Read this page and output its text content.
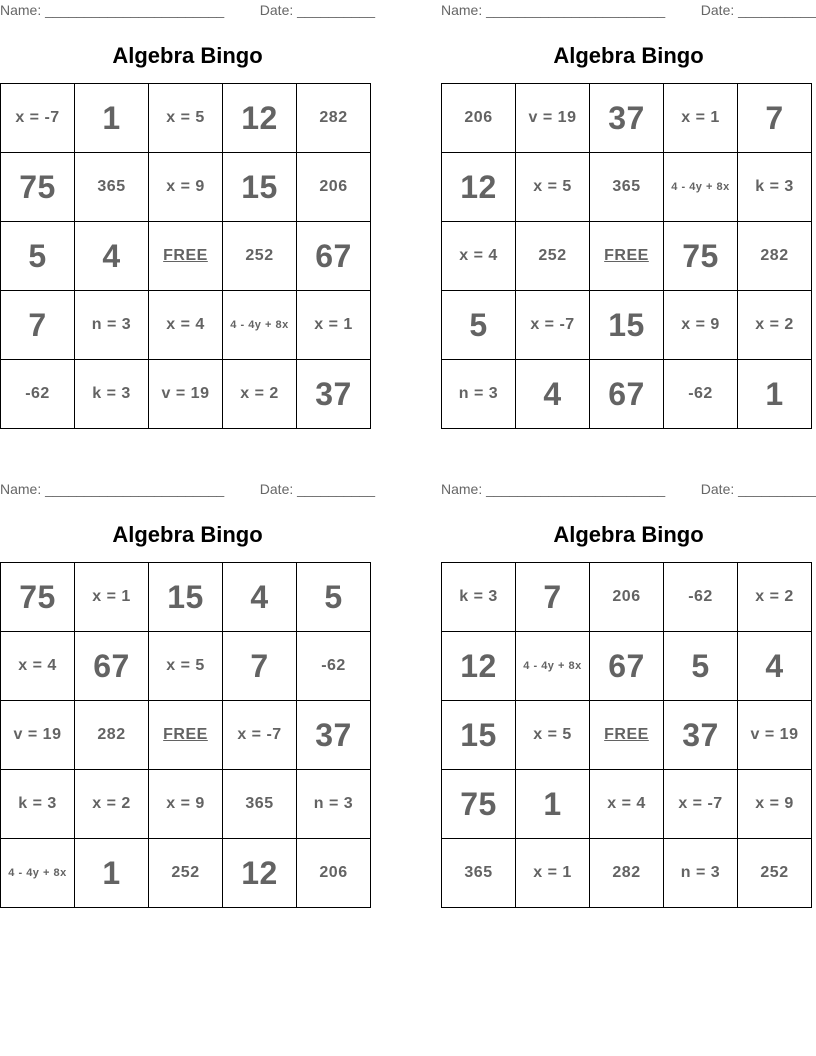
Name: _______________________	Date: __________
Algebra Bingo
x = -7	1	x = 5	12	282
75	365	x = 9	15	206
5	4	FREE	252	67
7	n = 3	x = 4	4 - 4y + 8x	x = 1
-62	k = 3	v = 19	x = 2	37
Name: _______________________	Date: __________
Algebra Bingo
206	v = 19	37	x = 1	7
12	x = 5	365	4 - 4y + 8x	k = 3
x = 4	252	FREE	75	282
5	x = -7	15	x = 9	x = 2
n = 3	4	67	-62	1
Name: _______________________	Date: __________
Algebra Bingo
75	x = 1	15	4	5
x = 4	67	x = 5	7	-62
v = 19	282	FREE	x = -7	37
k = 3	x = 2	x = 9	365	n = 3
4 - 4y + 8x	1	252	12	206
Name: _______________________	Date: __________
Algebra Bingo
k = 3	7	206	-62	x = 2
12	4 - 4y + 8x	67	5	4
15	x = 5	FREE	37	v = 19
75	1	x = 4	x = -7	x = 9
365	x = 1	282	n = 3	252
